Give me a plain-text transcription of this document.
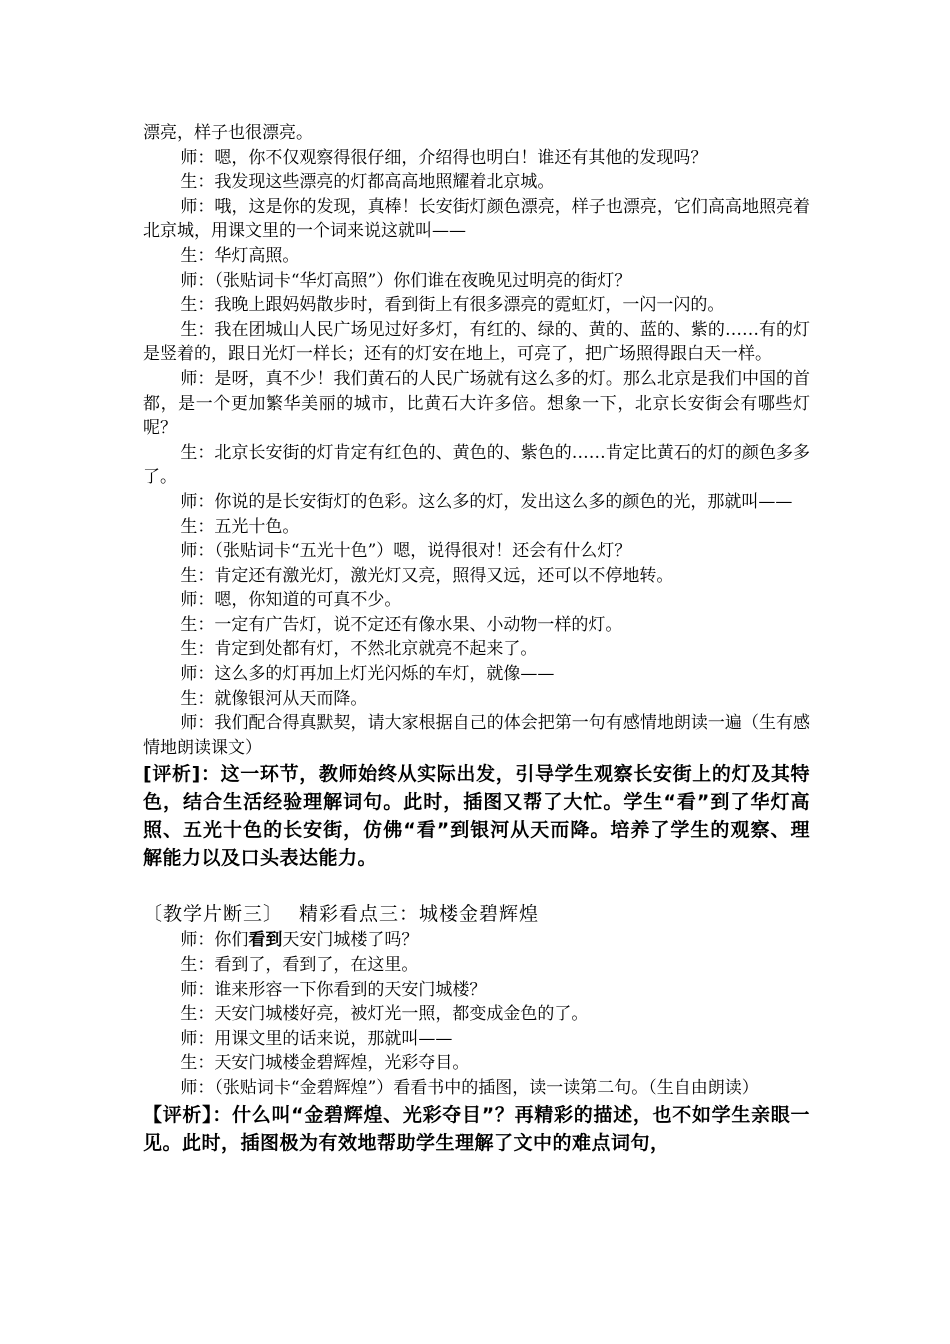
漂亮，样子也很漂亮。

师：嗯，你不仅观察得很仔细，介绍得也明白！谁还有其他的发现吗？

生：我发现这些漂亮的灯都高高地照耀着北京城。

师：哦，这是你的发现，真棒！长安街灯颜色漂亮，样子也漂亮，它们高高地照亮着北京城，用课文里的一个词来说这就叫——

生：华灯高照。

师：（张贴词卡“华灯高照”）你们谁在夜晚见过明亮的街灯？

生：我晚上跟妈妈散步时，看到街上有很多漂亮的霓虹灯，一闪一闪的。

生：我在团城山人民广场见过好多灯，有红的、绿的、黄的、蓝的、紫的……有的灯是竖着的，跟日光灯一样长；还有的灯安在地上，可亮了，把广场照得跟白天一样。

师：是呀，真不少！我们黄石的人民广场就有这么多的灯。那么北京是我们中国的首都，是一个更加繁华美丽的城市，比黄石大许多倍。想象一下，北京长安街会有哪些灯呢？

生：北京长安街的灯肯定有红色的、黄色的、紫色的……肯定比黄石的灯的颜色多多了。

师：你说的是长安街灯的色彩。这么多的灯，发出这么多的颜色的光，那就叫——

生：五光十色。

师：（张贴词卡“五光十色”）嗯，说得很对！还会有什么灯？

生：肯定还有激光灯，激光灯又亮，照得又远，还可以不停地转。

师：嗯，你知道的可真不少。

生：一定有广告灯，说不定还有像水果、小动物一样的灯。

生：肯定到处都有灯，不然北京就亮不起来了。

师：这么多的灯再加上灯光闪烁的车灯，就像——

生：就像银河从天而降。

师：我们配合得真默契，请大家根据自己的体会把第一句有感情地朗读一遍（生有感情地朗读课文）

[评析]：这一环节，教师始终从实际出发，引导学生观察长安街上的灯及其特色，结合生活经验理解词句。此时，插图又帮了大忙。学生“看”到了华灯高照、五光十色的长安街，仿佛“看”到银河从天而降。培养了学生的观察、理解能力以及口头表达能力。

〔教学片断三〕 精彩看点三：城楼金碧辉煌

师：你们看到天安门城楼了吗？

生：看到了，看到了，在这里。

师：谁来形容一下你看到的天安门城楼？

生：天安门城楼好亮，被灯光一照，都变成金色的了。

师：用课文里的话来说，那就叫——

生：天安门城楼金碧辉煌，光彩夺目。

师：（张贴词卡“金碧辉煌”）看看书中的插图，读一读第二句。（生自由朗读）

【评析】：什么叫“金碧辉煌、光彩夺目”？再精彩的描述，也不如学生亲眼一见。此时，插图极为有效地帮助学生理解了文中的难点词句，
